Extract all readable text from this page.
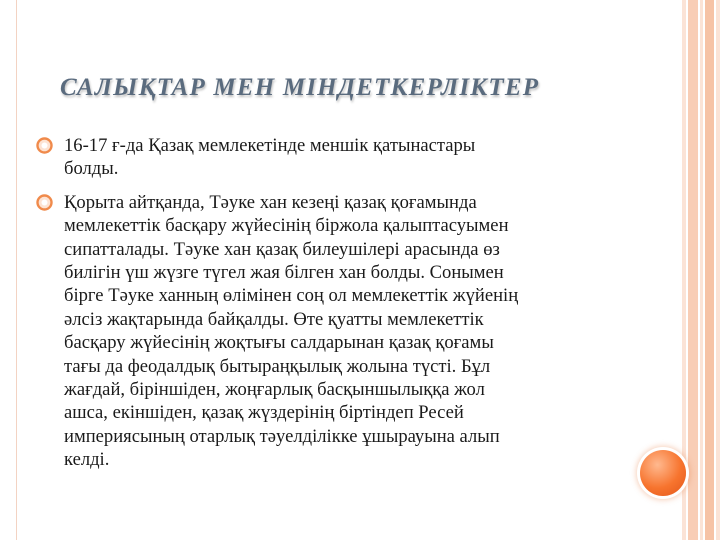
САЛЫҚТАР МЕН МІНДЕТКЕРЛІКТЕР
16-17 ғ-да Қазақ мемлекетінде меншік қатынастары
болды.
Қорыта айтқанда, Тәуке хан кезеңі қазақ қоғамында
мемлекеттік басқару жүйесінің біржола қалыптасуымен
сипатталады. Тәуке хан қазақ билеушілері арасында өз
билігін үш жүзге түгел жая білген хан болды. Сонымен
бірге Тәуке ханның өлімінен соң ол мемлекеттік жүйенің
әлсіз жақтарында байқалды. Өте қуатты мемлекеттік
басқару жүйесінің жоқтығы салдарынан қазақ қоғамы
тағы да феодалдық бытыраңқылық жолына түсті. Бұл
жағдай, біріншіден, жоңғарлық басқыншылыққа жол
ашса, екіншіден, қазақ жүздерінің біртіндеп Ресей
империясының отарлық тәуелділікке ұшырауына алып
келді.
